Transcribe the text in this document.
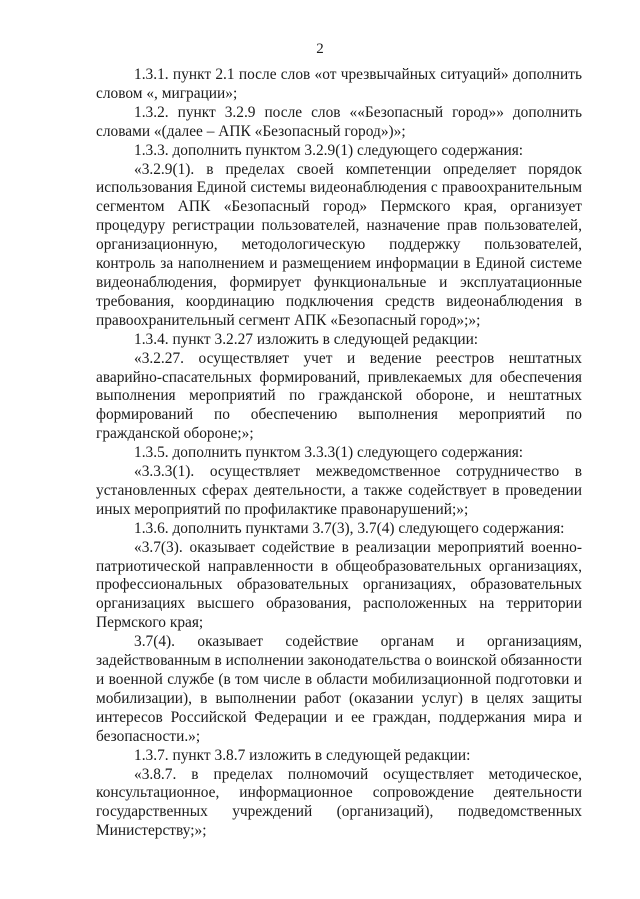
2

1.3.1. пункт 2.1 после слов «от чрезвычайных ситуаций» дополнить словом «, миграции»;

1.3.2. пункт 3.2.9 после слов ««Безопасный город»» дополнить словами «(далее – АПК «Безопасный город»)»;

1.3.3. дополнить пунктом 3.2.9(1) следующего содержания:

«3.2.9(1). в пределах своей компетенции определяет порядок использования Единой системы видеонаблюдения с правоохранительным сегментом АПК «Безопасный город» Пермского края, организует процедуру регистрации пользователей, назначение прав пользователей, организационную, методологическую поддержку пользователей, контроль за наполнением и размещением информации в Единой системе видеонаблюдения, формирует функциональные и эксплуатационные требования, координацию подключения средств видеонаблюдения в правоохранительный сегмент АПК «Безопасный город»;»;

1.3.4. пункт 3.2.27 изложить в следующей редакции:

«3.2.27. осуществляет учет и ведение реестров нештатных аварийно-спасательных формирований, привлекаемых для обеспечения выполнения мероприятий по гражданской обороне, и нештатных формирований по обеспечению выполнения мероприятий по гражданской обороне;»;

1.3.5. дополнить пунктом 3.3.3(1) следующего содержания:

«3.3.3(1). осуществляет межведомственное сотрудничество в установленных сферах деятельности, а также содействует в проведении иных мероприятий по профилактике правонарушений;»;

1.3.6. дополнить пунктами 3.7(3), 3.7(4) следующего содержания:

«3.7(3). оказывает содействие в реализации мероприятий военно-патриотической направленности в общеобразовательных организациях, профессиональных образовательных организациях, образовательных организациях высшего образования, расположенных на территории Пермского края;

3.7(4). оказывает содействие органам и организациям, задействованным в исполнении законодательства о воинской обязанности и военной службе (в том числе в области мобилизационной подготовки и мобилизации), в выполнении работ (оказании услуг) в целях защиты интересов Российской Федерации и ее граждан, поддержания мира и безопасности.»;

1.3.7. пункт 3.8.7 изложить в следующей редакции:

«3.8.7. в пределах полномочий осуществляет методическое, консультационное, информационное сопровождение деятельности государственных учреждений (организаций), подведомственных Министерству;»;
